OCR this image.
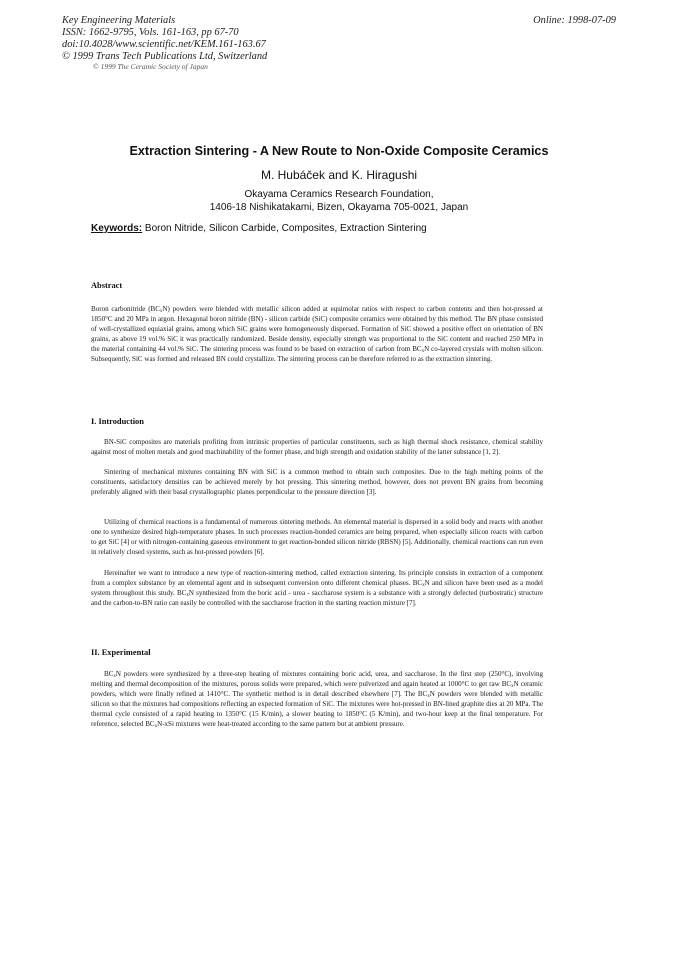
Key Engineering Materials
ISSN: 1662-9795, Vols. 161-163, pp 67-70
doi:10.4028/www.scientific.net/KEM.161-163.67
© 1999 Trans Tech Publications Ltd, Switzerland
Online: 1998-07-09
© 1999 The Ceramic Society of Japan
Extraction Sintering - A New Route to Non-Oxide Composite Ceramics
M. Hubáček and K. Hiragushi
Okayama Ceramics Research Foundation,
1406-18 Nishikatakami, Bizen, Okayama 705-0021, Japan
Keywords: Boron Nitride, Silicon Carbide, Composites, Extraction Sintering
Abstract

Boron carbonitride $(BC_xN)$ powders were blended with metallic silicon added at equimolar ratios with respect to carbon contents and then hot-pressed at 1850°C and 20 MPa in argon. Hexagonal boron nitride (BN) - silicon carbide (SiC) composite ceramics were obtained by this method. The BN phase consisted of well-crystallized equiaxial grains, among which SiC grains were homogeneously dispersed. Formation of SiC showed a positive effect on orientation of BN grains, as above 19 vol.% SiC it was practically randomized. Beside density, especially strength was proportional to the SiC content and reached 250 MPa in the material containing 44 vol.% SiC. The sintering process was found to be based on extraction of carbon from $BC_xN$ co-layered crystals with molten silicon. Subsequently, SiC was formed and released BN could crystallize. The sintering process can be therefore referred to as the extraction sintering.

I. Introduction

BN-SiC composites are materials profiting from intrinsic properties of particular constituents, such as high thermal shock resistance, chemical stability against most of molten metals and good machinability of the former phase, and high strength and oxidation stability of the latter substance [1, 2].

Sintering of mechanical mixtures containing BN with SiC is a common method to obtain such composites. Due to the high melting points of the constituents, satisfactory densities can be achieved merely by hot pressing. This sintering method, however, does not prevent BN grains from becoming preferably aligned with their basal crystallographic planes perpendicular to the pressure direction [3].

Utilizing of chemical reactions is a fundamental of numerous sintering methods. An elemental material is dispersed in a solid body and reacts with another one to synthesize desired high-temperature phases. In such processes reaction-bonded ceramics are being prepared, when especially silicon reacts with carbon to get SiC [4] or with nitrogen-containing gaseous environment to get reaction-bonded silicon nitride (RBSN) [5]. Additionally, chemical reactions can run even in relatively closed systems, such as hot-pressed powders [6].

Hereinafter we want to introduce a new type of reaction-sintering method, called extraction sintering. Its principle consists in extraction of a component from a complex substance by an elemental agent and in subsequent conversion onto different chemical phases. $BC_xN$ and silicon have been used as a model system throughout this study. $BC_xN$ synthesized from the boric acid - urea - saccharose system is a substance with a strongly defected (turbostratic) structure and the carbon-to-BN ratio can easily be controlled with the saccharose fraction in the starting reaction mixture [7].

II. Experimental

$BC_xN$ powders were synthesized by a three-step heating of mixtures containing boric acid, urea, and saccharose. In the first step (250°C), involving melting and thermal decomposition of the mixtures, porous solids were prepared, which were pulverized and again heated at 1000°C to get raw $BC_xN$ ceramic powders, which were finally refined at 1410°C. The synthetic method is in detail described elsewhere [7]. The $BC_xN$ powders were blended with metallic silicon so that the mixtures had compositions reflecting an expected formation of SiC. The mixtures were hot-pressed in BN-lined graphite dies at 20 MPa. The thermal cycle consisted of a rapid heating to 1350°C (15 K/min), a slower heating to 1850°C (5 K/min), and two-hour keep at the final temperature. For reference, selected $BC_xN$-xSi mixtures were heat-treated according to the same pattern but at ambient pressure.
